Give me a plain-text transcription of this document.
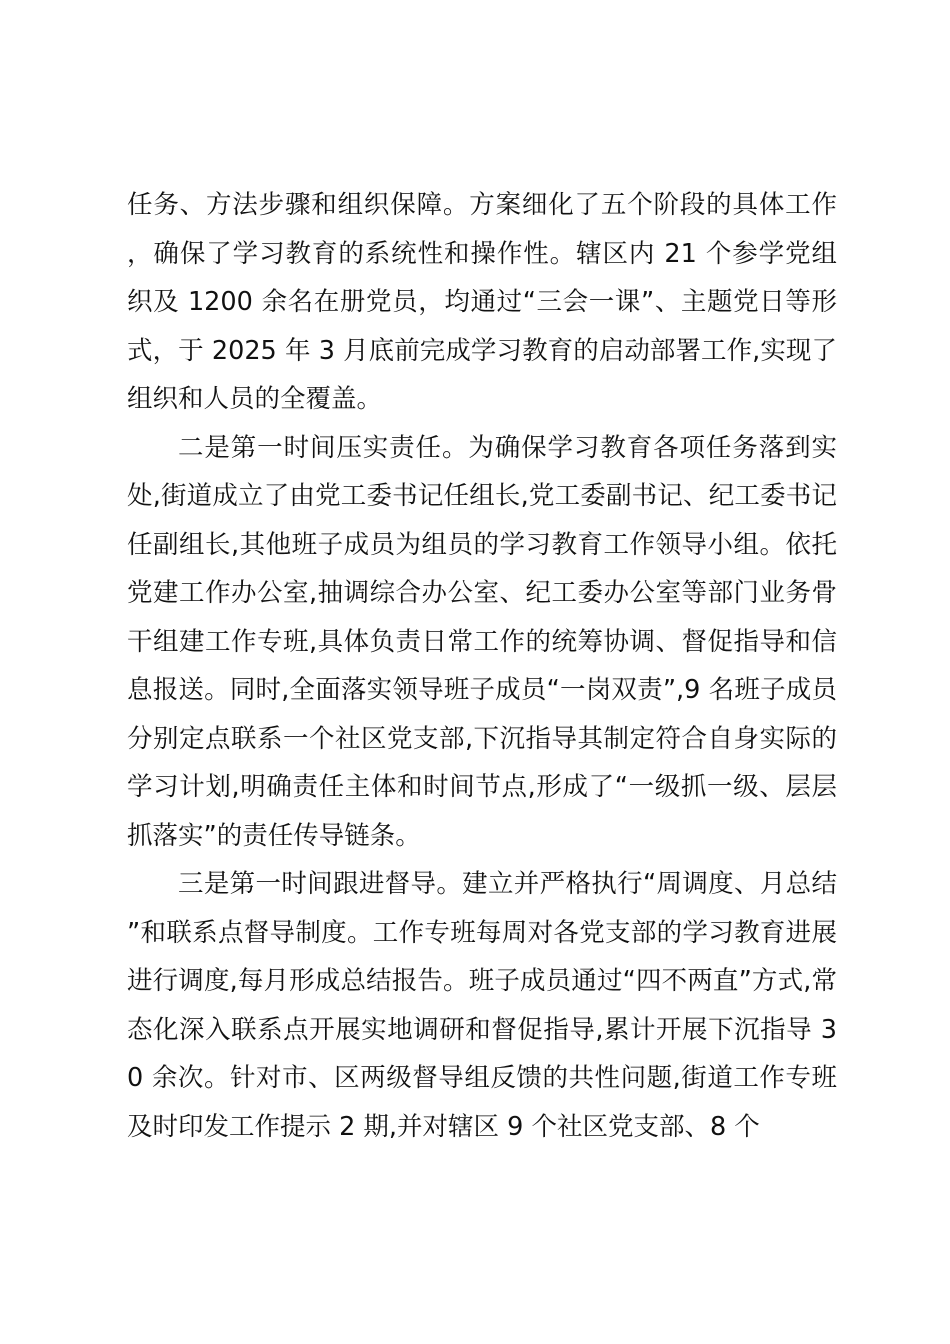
任务、方法步骤和组织保障。方案细化了五个阶段的具体工作，确保了学习教育的系统性和操作性。辖区内 21 个参学党组织及 1200 余名在册党员，均通过“三会一课”、主题党日等形式，于 2025 年 3 月底前完成学习教育的启动部署工作,实现了组织和人员的全覆盖。

二是第一时间压实责任。为确保学习教育各项任务落到实处,街道成立了由党工委书记任组长,党工委副书记、纪工委书记任副组长,其他班子成员为组员的学习教育工作领导小组。依托党建工作办公室,抽调综合办公室、纪工委办公室等部门业务骨干组建工作专班,具体负责日常工作的统筹协调、督促指导和信息报送。同时,全面落实领导班子成员“一岗双责”,9 名班子成员分别定点联系一个社区党支部,下沉指导其制定符合自身实际的学习计划,明确责任主体和时间节点,形成了“一级抓一级、层层抓落实”的责任传导链条。

三是第一时间跟进督导。建立并严格执行“周调度、月总结”和联系点督导制度。工作专班每周对各党支部的学习教育进展进行调度,每月形成总结报告。班子成员通过“四不两直”方式,常态化深入联系点开展实地调研和督促指导,累计开展下沉指导 30 余次。针对市、区两级督导组反馈的共性问题,街道工作专班及时印发工作提示 2 期,并对辖区 9 个社区党支部、8 个
